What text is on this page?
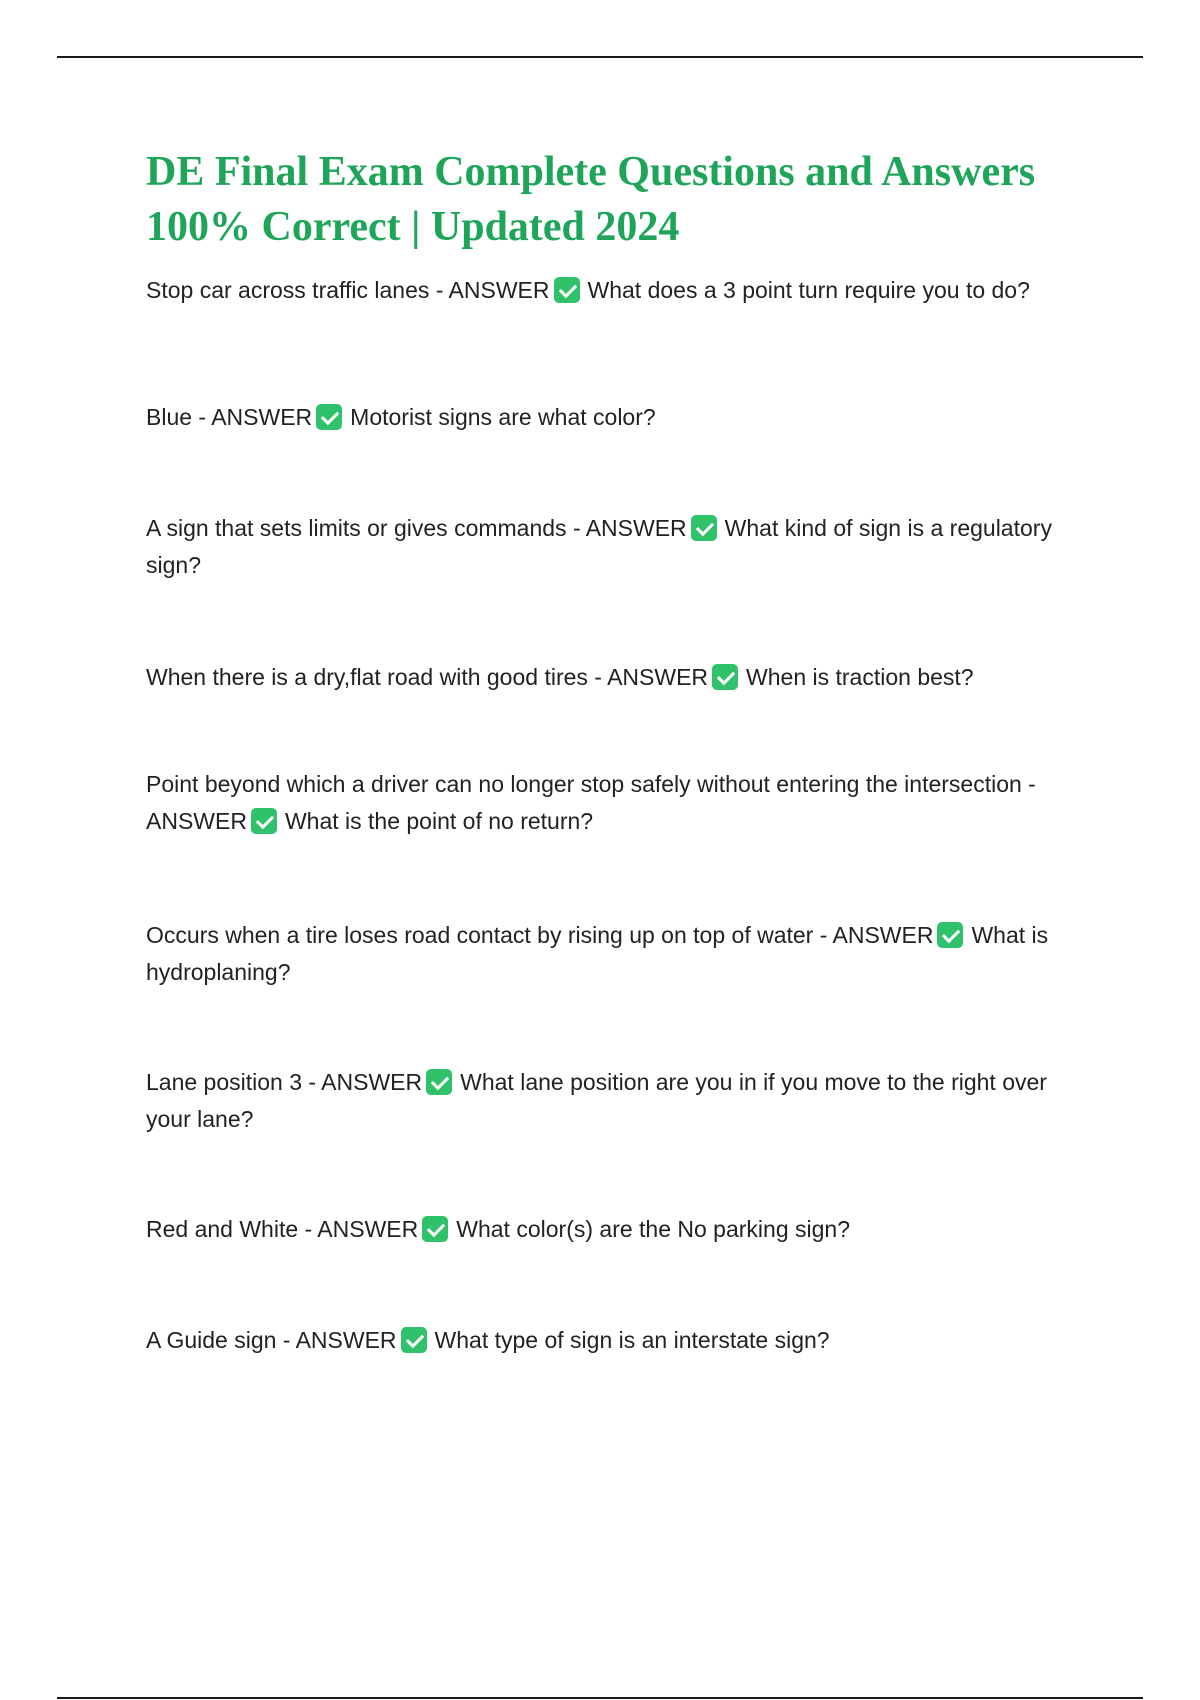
DE Final Exam Complete Questions and Answers 100% Correct | Updated 2024

Stop car across traffic lanes - ANSWER What does a 3 point turn require you to do?

Blue - ANSWER Motorist signs are what color?

A sign that sets limits or gives commands - ANSWER What kind of sign is a regulatory sign?

When there is a dry,flat road with good tires - ANSWER When is traction best?

Point beyond which a driver can no longer stop safely without entering the intersection - ANSWER What is the point of no return?

Occurs when a tire loses road contact by rising up on top of water - ANSWER What is hydroplaning?

Lane position 3 - ANSWER What lane position are you in if you move to the right over your lane?

Red and White - ANSWER What color(s) are the No parking sign?

A Guide sign - ANSWER What type of sign is an interstate sign?
